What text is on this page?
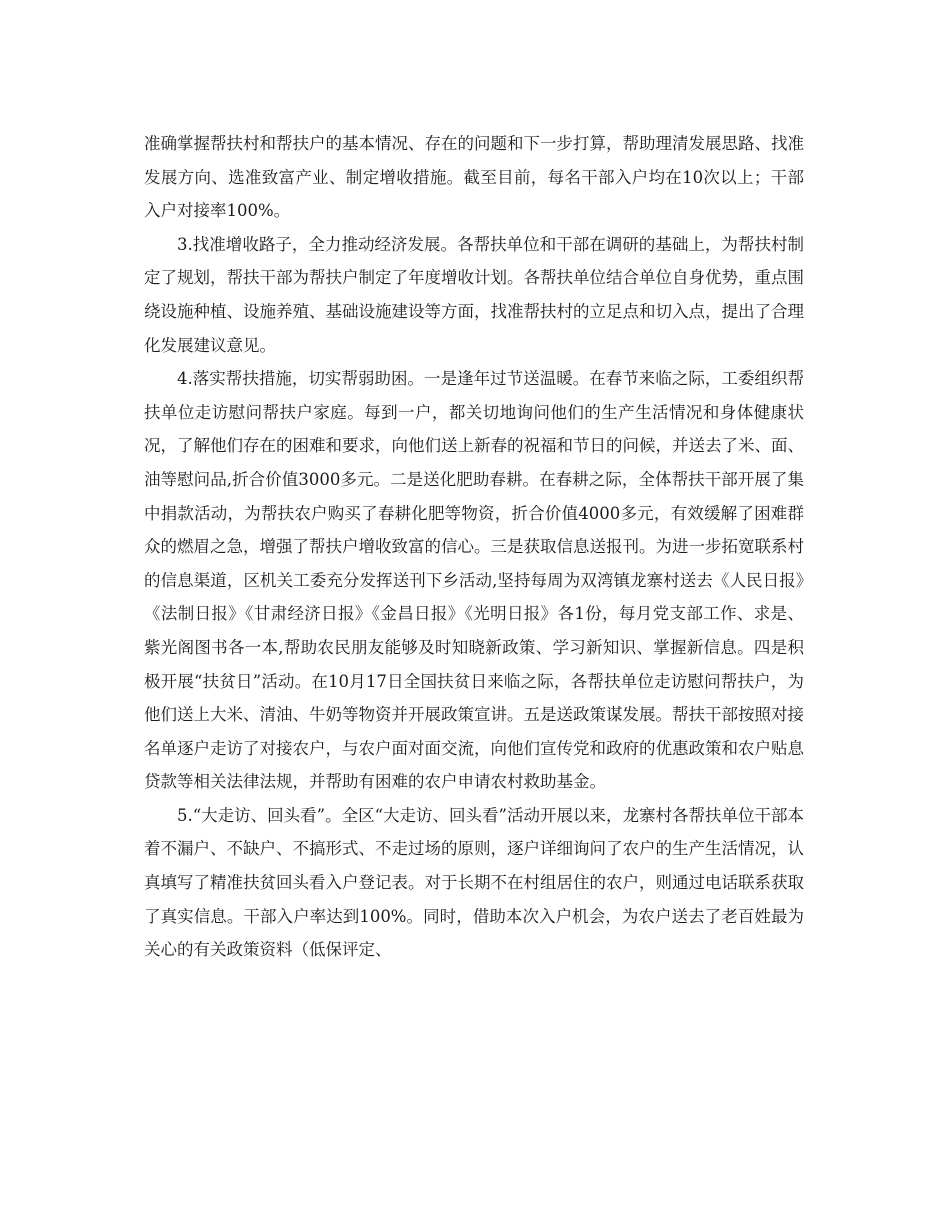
准确掌握帮扶村和帮扶户的基本情况、存在的问题和下一步打算，帮助理清发展思路、找准发展方向、选准致富产业、制定增收措施。截至目前，每名干部入户均在10次以上；干部入户对接率100%。

3.找准增收路子，全力推动经济发展。各帮扶单位和干部在调研的基础上，为帮扶村制定了规划，帮扶干部为帮扶户制定了年度增收计划。各帮扶单位结合单位自身优势，重点围绕设施种植、设施养殖、基础设施建设等方面，找准帮扶村的立足点和切入点，提出了合理化发展建议意见。

4.落实帮扶措施，切实帮弱助困。一是逢年过节送温暖。在春节来临之际，工委组织帮扶单位走访慰问帮扶户家庭。每到一户，都关切地询问他们的生产生活情况和身体健康状况，了解他们存在的困难和要求，向他们送上新春的祝福和节日的问候，并送去了米、面、油等慰问品,折合价值3000多元。二是送化肥助春耕。在春耕之际，全体帮扶干部开展了集中捐款活动，为帮扶农户购买了春耕化肥等物资，折合价值4000多元，有效缓解了困难群众的燃眉之急，增强了帮扶户增收致富的信心。三是获取信息送报刊。为进一步拓宽联系村的信息渠道，区机关工委充分发挥送刊下乡活动,坚持每周为双湾镇龙寨村送去《人民日报》《法制日报》《甘肃经济日报》《金昌日报》《光明日报》各1份，每月党支部工作、求是、紫光阁图书各一本,帮助农民朋友能够及时知晓新政策、学习新知识、掌握新信息。四是积极开展“扶贫日”活动。在10月17日全国扶贫日来临之际，各帮扶单位走访慰问帮扶户，为他们送上大米、清油、牛奶等物资并开展政策宣讲。五是送政策谋发展。帮扶干部按照对接名单逐户走访了对接农户，与农户面对面交流，向他们宣传党和政府的优惠政策和农户贴息贷款等相关法律法规，并帮助有困难的农户申请农村救助基金。

5.“大走访、回头看”。全区“大走访、回头看”活动开展以来，龙寨村各帮扶单位干部本着不漏户、不缺户、不搞形式、不走过场的原则，逐户详细询问了农户的生产生活情况，认真填写了精准扶贫回头看入户登记表。对于长期不在村组居住的农户，则通过电话联系获取了真实信息。干部入户率达到100%。同时，借助本次入户机会，为农户送去了老百姓最为关心的有关政策资料（低保评定、
